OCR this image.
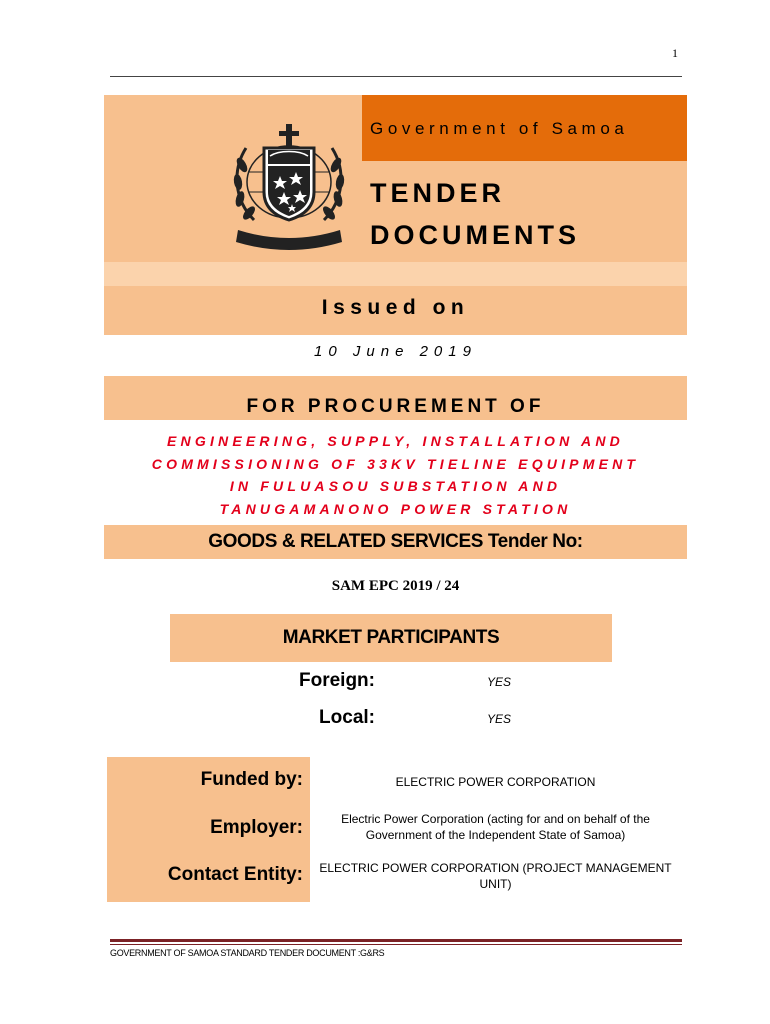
1
Government of Samoa
TENDER
DOCUMENTS
Issued on
10 June 2019
FOR PROCUREMENT OF
ENGINEERING, SUPPLY, INSTALLATION AND
COMMISSIONING OF 33KV TIELINE EQUIPMENT
IN FULUASOU SUBSTATION AND
TANUGAMANONO POWER STATION
GOODS & RELATED SERVICES Tender No:
SAM EPC 2019 / 24
MARKET PARTICIPANTS
Foreign:	YES
Local:	YES
Funded by:	ELECTRIC POWER CORPORATION
Employer:	Electric Power Corporation (acting for and on behalf of the Government of the Independent State of Samoa)
Contact Entity: ELECTRIC POWER CORPORATION (PROJECT MANAGEMENT UNIT)
GOVERNMENT OF SAMOA STANDARD TENDER DOCUMENT :G&RS
